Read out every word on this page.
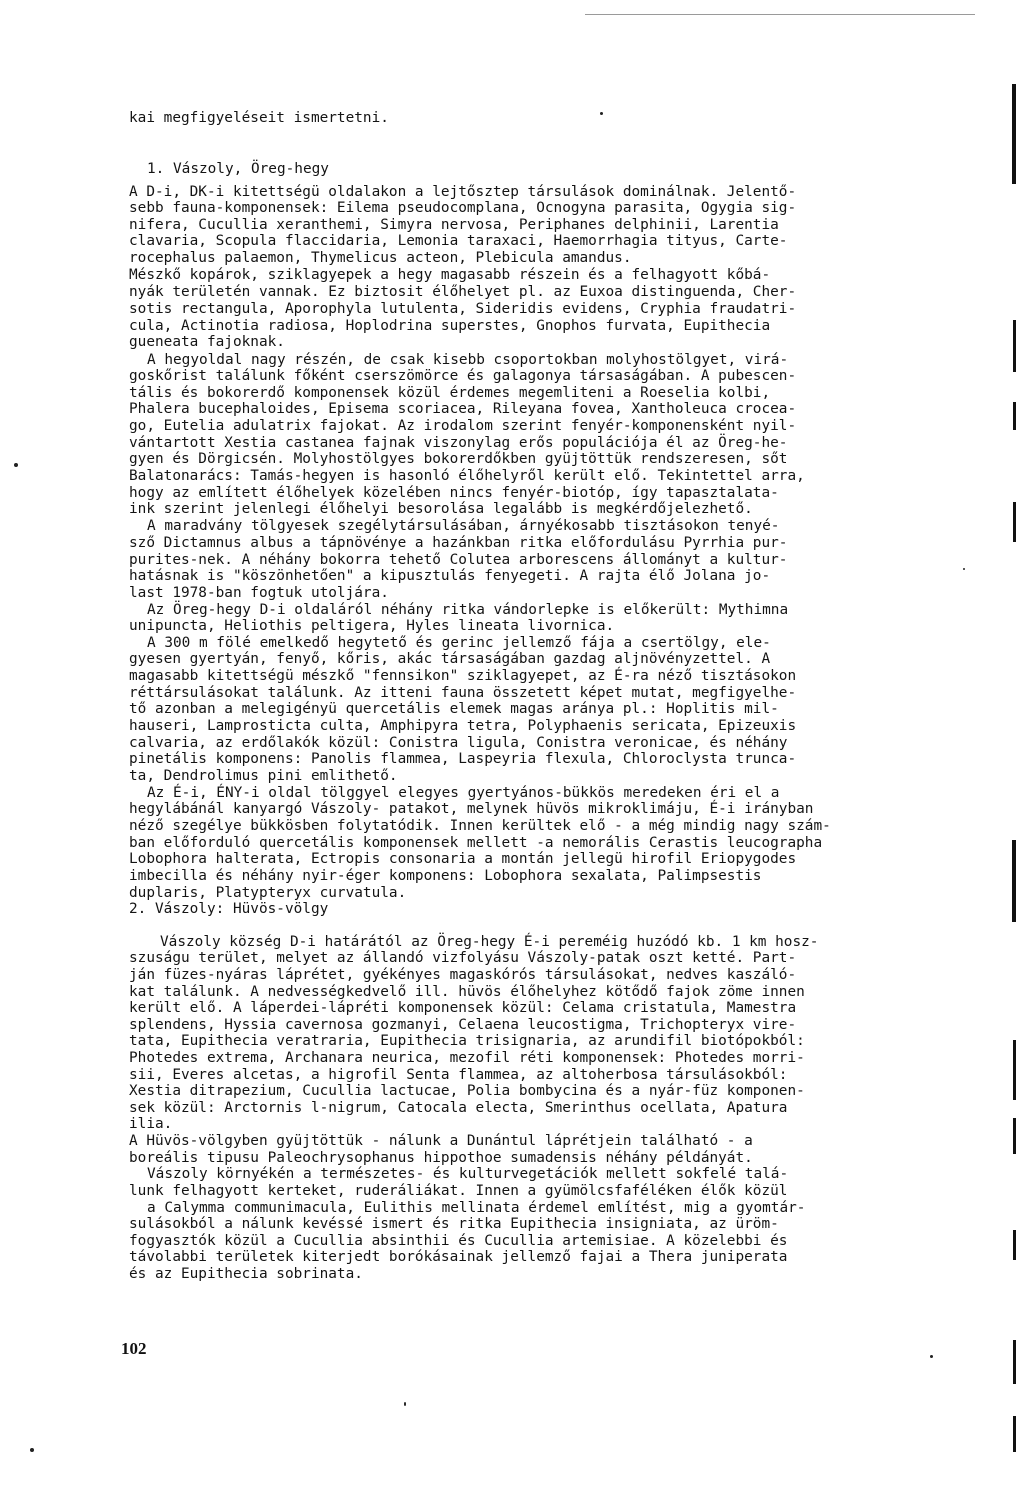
kai megfigyeléseit ismertetni.
1. Vászoly, Öreg-hegy
A D-i, DK-i kitettségü oldalakon a lejtősztep társulások dominálnak. Jelentő-
sebb fauna-komponensek: Eilema pseudocomplana, Ocnogyna parasita, Ogygia sig-
nifera, Cucullia xeranthemi, Simyra nervosa, Periphanes delphinii, Larentia
clavaria, Scopula flaccidaria, Lemonia taraxaci, Haemorrhagia tityus, Carte-
rocephalus palaemon, Thymelicus acteon, Plebicula amandus.
Mészkő kopárok, sziklagyepek a hegy magasabb részein és a felhagyott kőbá-
nyák területén vannak. Ez biztosit élőhelyet pl. az Euxoa distinguenda, Cher-
sotis rectangula, Aporophyla lutulenta, Sideridis evidens, Cryphia fraudatri-
cula, Actinotia radiosa, Hoplodrina superstes, Gnophos furvata, Eupithecia
gueneata fajoknak.
A hegyoldal nagy részén, de csak kisebb csoportokban molyhostölgyet, virá-
goskőrist találunk főként cserszömörce és galagonya társaságában. A pubescen-
tális és bokorerdő komponensek közül érdemes megemliteni a Roeselia kolbi,
Phalera bucephaloides, Episema scoriacea, Rileyana fovea, Xantholeuca crocea-
go, Eutelia adulatrix fajokat. Az irodalom szerint fenyér-komponensként nyil-
vántartott Xestia castanea fajnak viszonylag erős populációja él az Öreg-he-
gyen és Dörgicsén. Molyhostölgyes bokorerdőkben gyüjtöttük rendszeresen, sőt
Balatonarács: Tamás-hegyen is hasonló élőhelyről került elő. Tekintettel arra,
hogy az említett élőhelyek közelében nincs fenyér-biotóp, így tapasztalata-
ink szerint jelenlegi élőhelyi besorolása legalább is megkérdőjelezhető.
A maradvány tölgyesek szegélytársulásában, árnyékosabb tisztásokon tenyé-
sző Dictamnus albus a tápnövénye a hazánkban ritka előfordulásu Pyrrhia pur-
purites-nek. A néhány bokorra tehető Colutea arborescens állományt a kultur-
hatásnak is "köszönhetően" a kipusztulás fenyegeti. A rajta élő Jolana jo-
last 1978-ban fogtuk utoljára.
Az Öreg-hegy D-i oldaláról néhány ritka vándorlepke is előkerült: Mythimna
unipuncta, Heliothis peltigera, Hyles lineata livornica.
A 300 m fölé emelkedő hegytető és gerinc jellemző fája a csertölgy, ele-
gyesen gyertyán, fenyő, kőris, akác társaságában gazdag aljnövényzettel. A
magasabb kitettségü mészkő "fennsikon" sziklagyepet, az É-ra néző tisztásokon
réttársulásokat találunk. Az itteni fauna összetett képet mutat, megfigyelhe-
tő azonban a melegigényü quercetális elemek magas aránya pl.: Hoplitis mil-
hauseri, Lamprosticta culta, Amphipyra tetra, Polyphaenis sericata, Epizeuxis
calvaria, az erdőlakók közül: Conistra ligula, Conistra veronicae, és néhány
pinetális komponens: Panolis flammea, Laspeyria flexula, Chloroclysta trunca-
ta, Dendrolimus pini emlithető.
Az É-i, ÉNY-i oldal tölggyel elegyes gyertyános-bükkös meredeken éri el a
hegylábánál kanyargó Vászoly- patakot, melynek hüvös mikroklimáju, É-i irányban
néző szegélye bükkösben folytatódik. Innen kerültek elő - a még mindig nagy szám-
ban előforduló quercetális komponensek mellett -a nemorális Cerastis leucographa
Lobophora halterata, Ectropis consonaria a montán jellegü hirofil Eriopygodes
imbecilla és néhány nyir-éger komponens: Lobophora sexalata, Palimpsestis
duplaris, Platypteryx curvatula.
2. Vászoly: Hüvös-völgy
Vászoly község D-i határától az Öreg-hegy É-i pereméig huzódó kb. 1 km hosz-
szuságu terület, melyet az állandó vizfolyásu Vászoly-patak oszt ketté. Part-
ján füzes-nyáras láprétet, gyékényes magaskórós társulásokat, nedves kaszáló-
kat találunk. A nedvességkedvelő ill. hüvös élőhelyhez kötődő fajok zöme innen
került elő. A láperdei-lápréti komponensek közül: Celama cristatula, Mamestra
splendens, Hyssia cavernosa gozmanyi, Celaena leucostigma, Trichopteryx vire-
tata, Eupithecia veratraria, Eupithecia trisignaria, az arundifil biotópokból:
Photedes extrema, Archanara neurica, mezofil réti komponensek: Photedes morri-
sii, Everes alcetas, a higrofil Senta flammea, az altoherbosa társulásokból:
Xestia ditrapezium, Cucullia lactucae, Polia bombycina és a nyár-füz komponen-
sek közül: Arctornis l-nigrum, Catocala electa, Smerinthus ocellata, Apatura
ilia.
A Hüvös-völgyben gyüjtöttük - nálunk a Dunántul láprétjein található - a
boreális tipusu Paleochrysophanus hippothoe sumadensis néhány példányát.
Vászoly környékén a természetes- és kulturvegetációk mellett sokfelé talá-
lunk felhagyott kerteket, ruderáliákat. Innen a gyümölcsfaféléken élők közül
a Calymma communimacula, Eulithis mellinata érdemel említést, mig a gyomtár-
sulásokból a nálunk kevéssé ismert és ritka Eupithecia insigniata, az üröm-
fogyasztók közül a Cucullia absinthii és Cucullia artemisiae. A közelebbi és
távolabbi területek kiterjedt borókásainak jellemző fajai a Thera juniperata
és az Eupithecia sobrinata.
102
